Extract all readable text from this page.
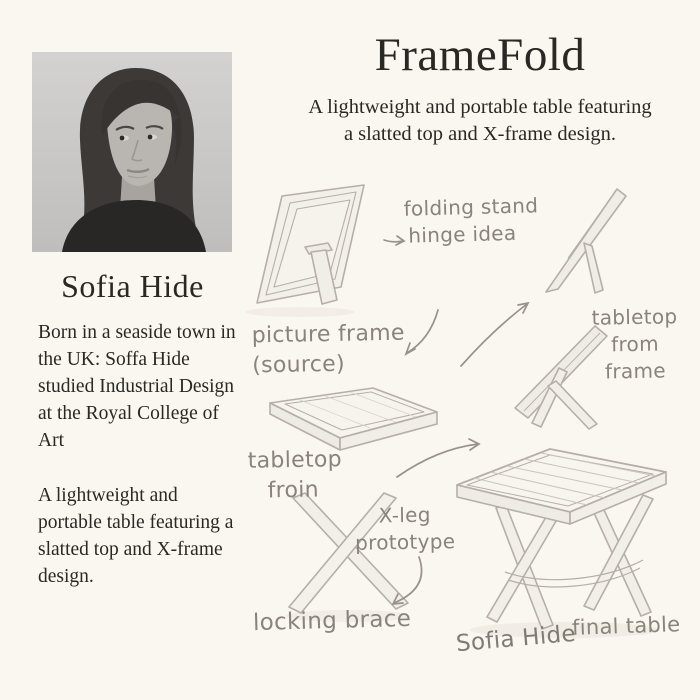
Sofia Hide

Born in a seaside town in the UK: Soffa Hide studied Industrial Design at the Royal College of Art

A lightweight and portable table featuring a slatted top and X-frame design.

FrameFold

A lightweight and portable table featuring
a slatted top and X-frame design.

folding stand
hinge idea
picture frame
(source)
tabletop
from
frame
tabletop
froin
X-leg
prototype
locking brace Sofia Hide
final table
